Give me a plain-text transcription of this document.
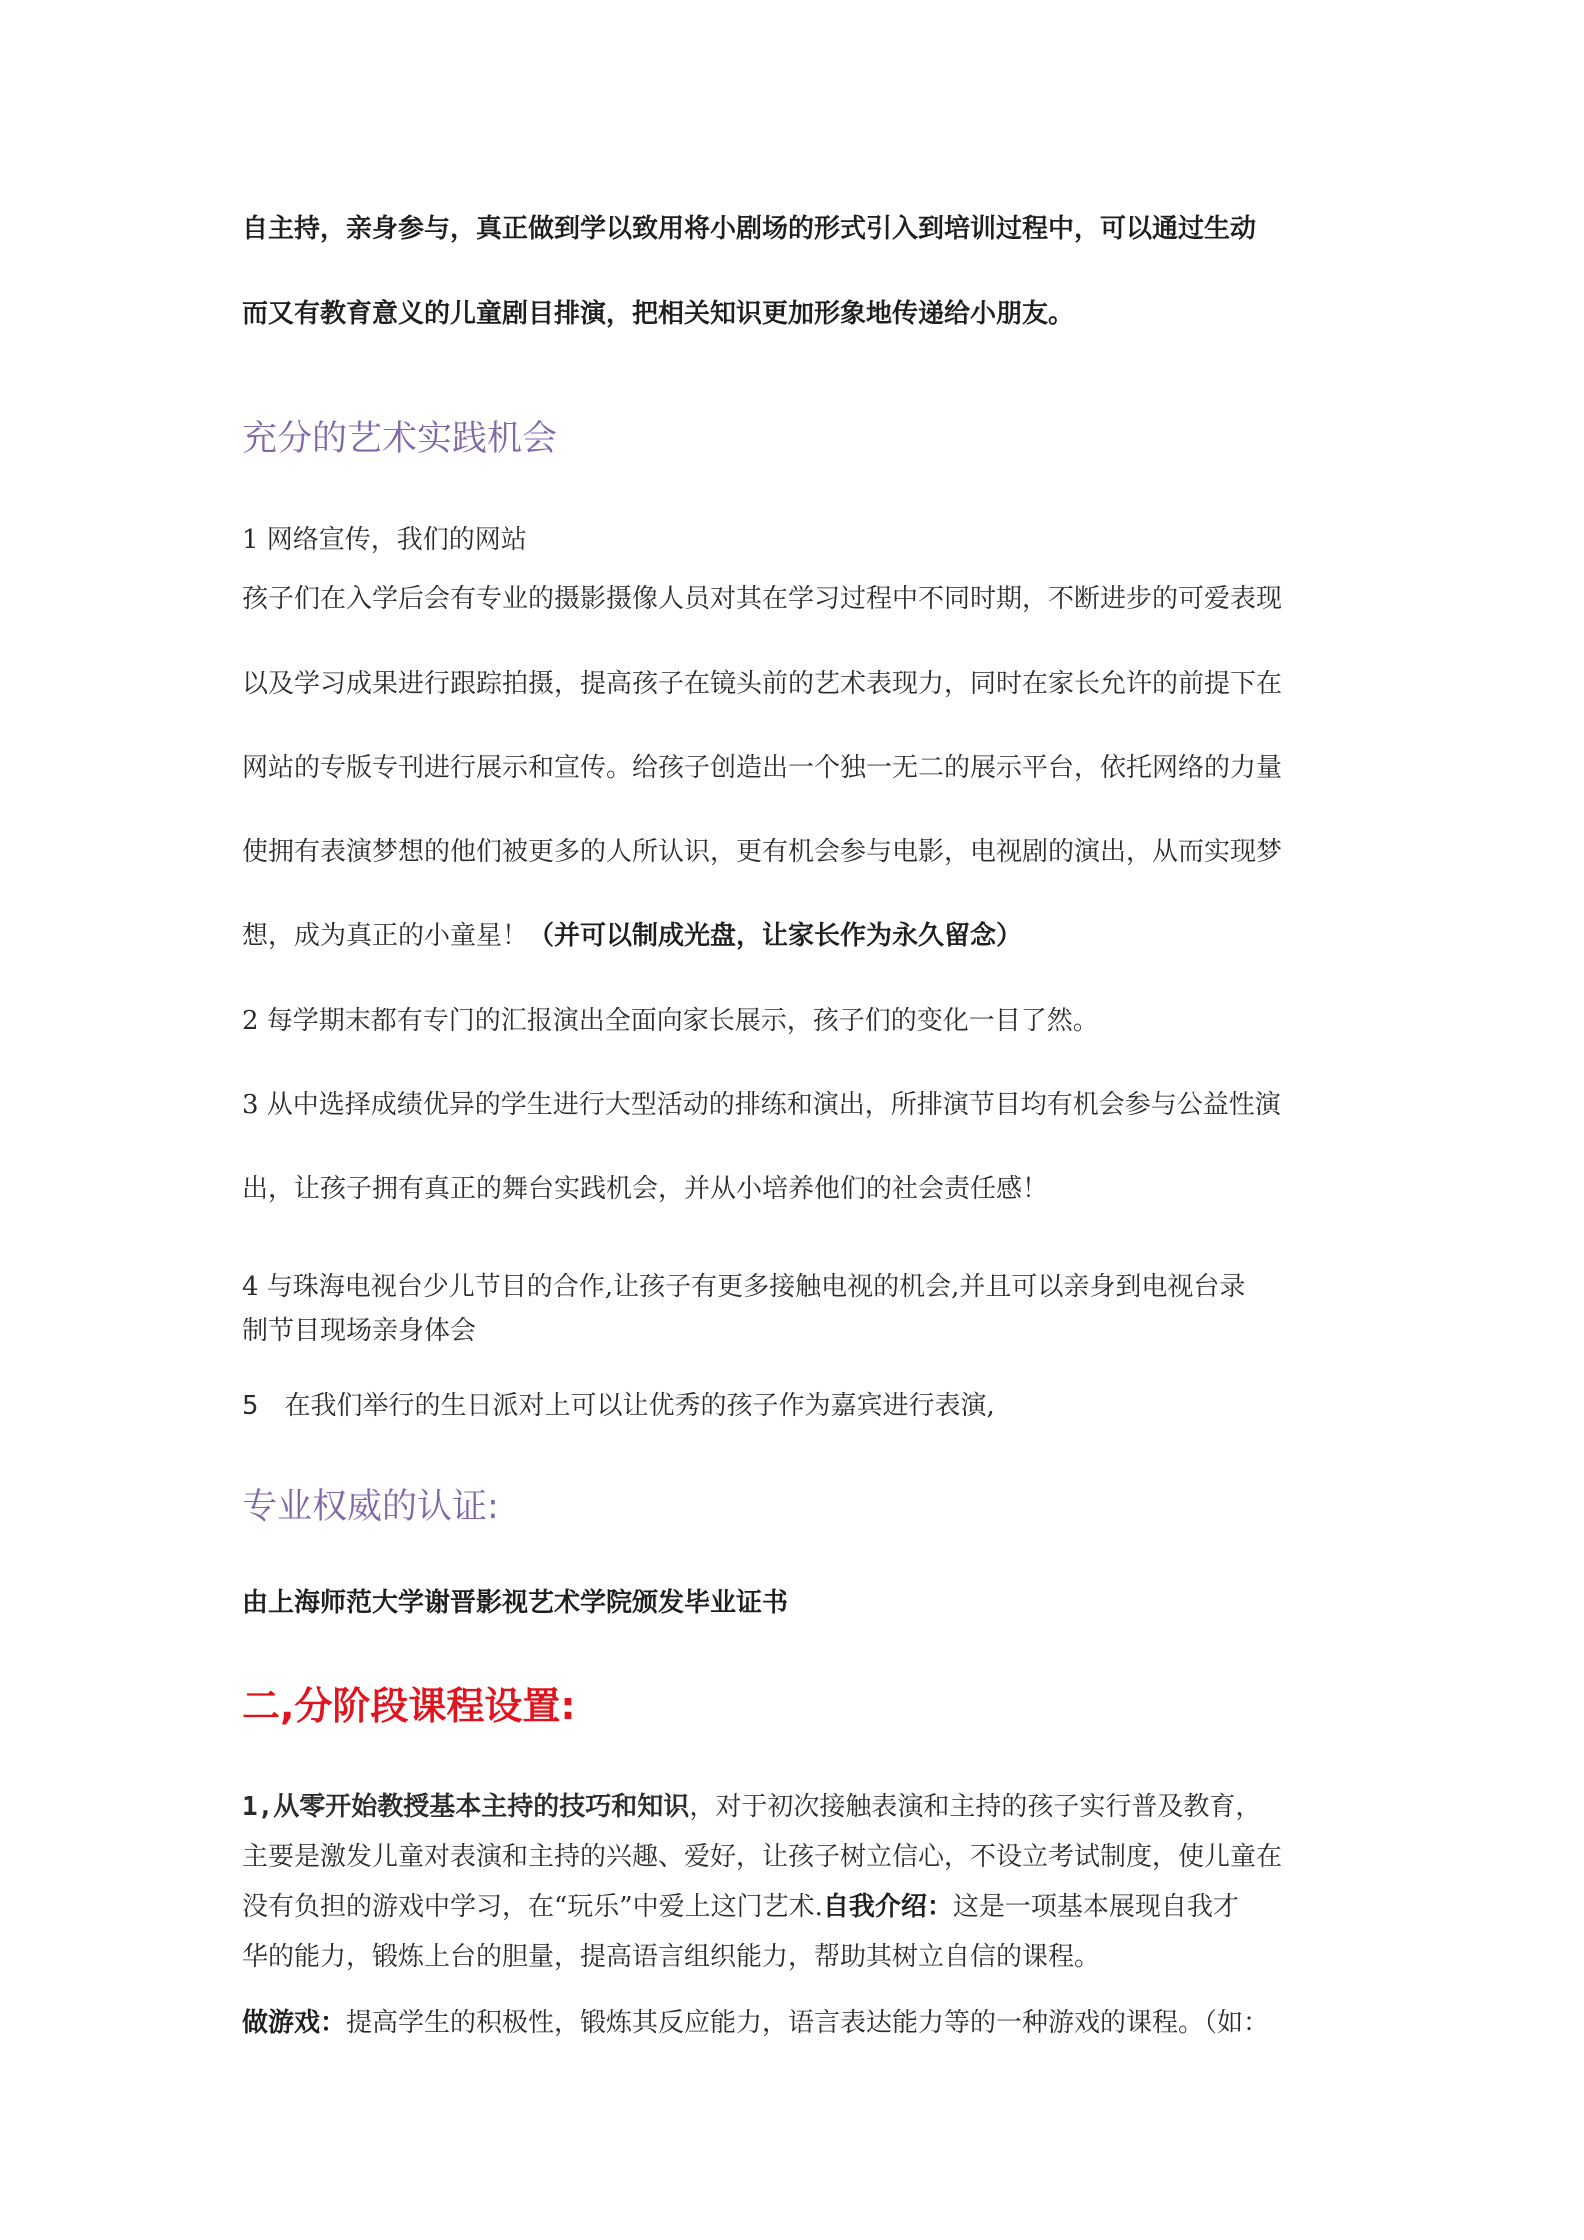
自主持，亲身参与，真正做到学以致用将小剧场的形式引入到培训过程中，可以通过生动
而又有教育意义的儿童剧目排演，把相关知识更加形象地传递给小朋友。
充分的艺术实践机会
1 网络宣传，我们的网站
孩子们在入学后会有专业的摄影摄像人员对其在学习过程中不同时期，不断进步的可爱表现
以及学习成果进行跟踪拍摄，提高孩子在镜头前的艺术表现力，同时在家长允许的前提下在
网站的专版专刊进行展示和宣传。给孩子创造出一个独一无二的展示平台，依托网络的力量
使拥有表演梦想的他们被更多的人所认识，更有机会参与电影，电视剧的演出，从而实现梦
想，成为真正的小童星！（并可以制成光盘，让家长作为永久留念）
2 每学期末都有专门的汇报演出全面向家长展示，孩子们的变化一目了然。
3 从中选择成绩优异的学生进行大型活动的排练和演出，所排演节目均有机会参与公益性演
出，让孩子拥有真正的舞台实践机会，并从小培养他们的社会责任感！
4 与珠海电视台少儿节目的合作,让孩子有更多接触电视的机会,并且可以亲身到电视台录
制节目现场亲身体会
5 在我们举行的生日派对上可以让优秀的孩子作为嘉宾进行表演,
专业权威的认证:
由上海师范大学谢晋影视艺术学院颁发毕业证书
二,分阶段课程设置:
1,从零开始教授基本主持的技巧和知识，对于初次接触表演和主持的孩子实行普及教育，
主要是激发儿童对表演和主持的兴趣、爱好，让孩子树立信心，不设立考试制度，使儿童在
没有负担的游戏中学习，在“玩乐”中爱上这门艺术.自我介绍：这是一项基本展现自我才
华的能力，锻炼上台的胆量，提高语言组织能力，帮助其树立自信的课程。
做游戏：提高学生的积极性，锻炼其反应能力，语言表达能力等的一种游戏的课程。（如：
